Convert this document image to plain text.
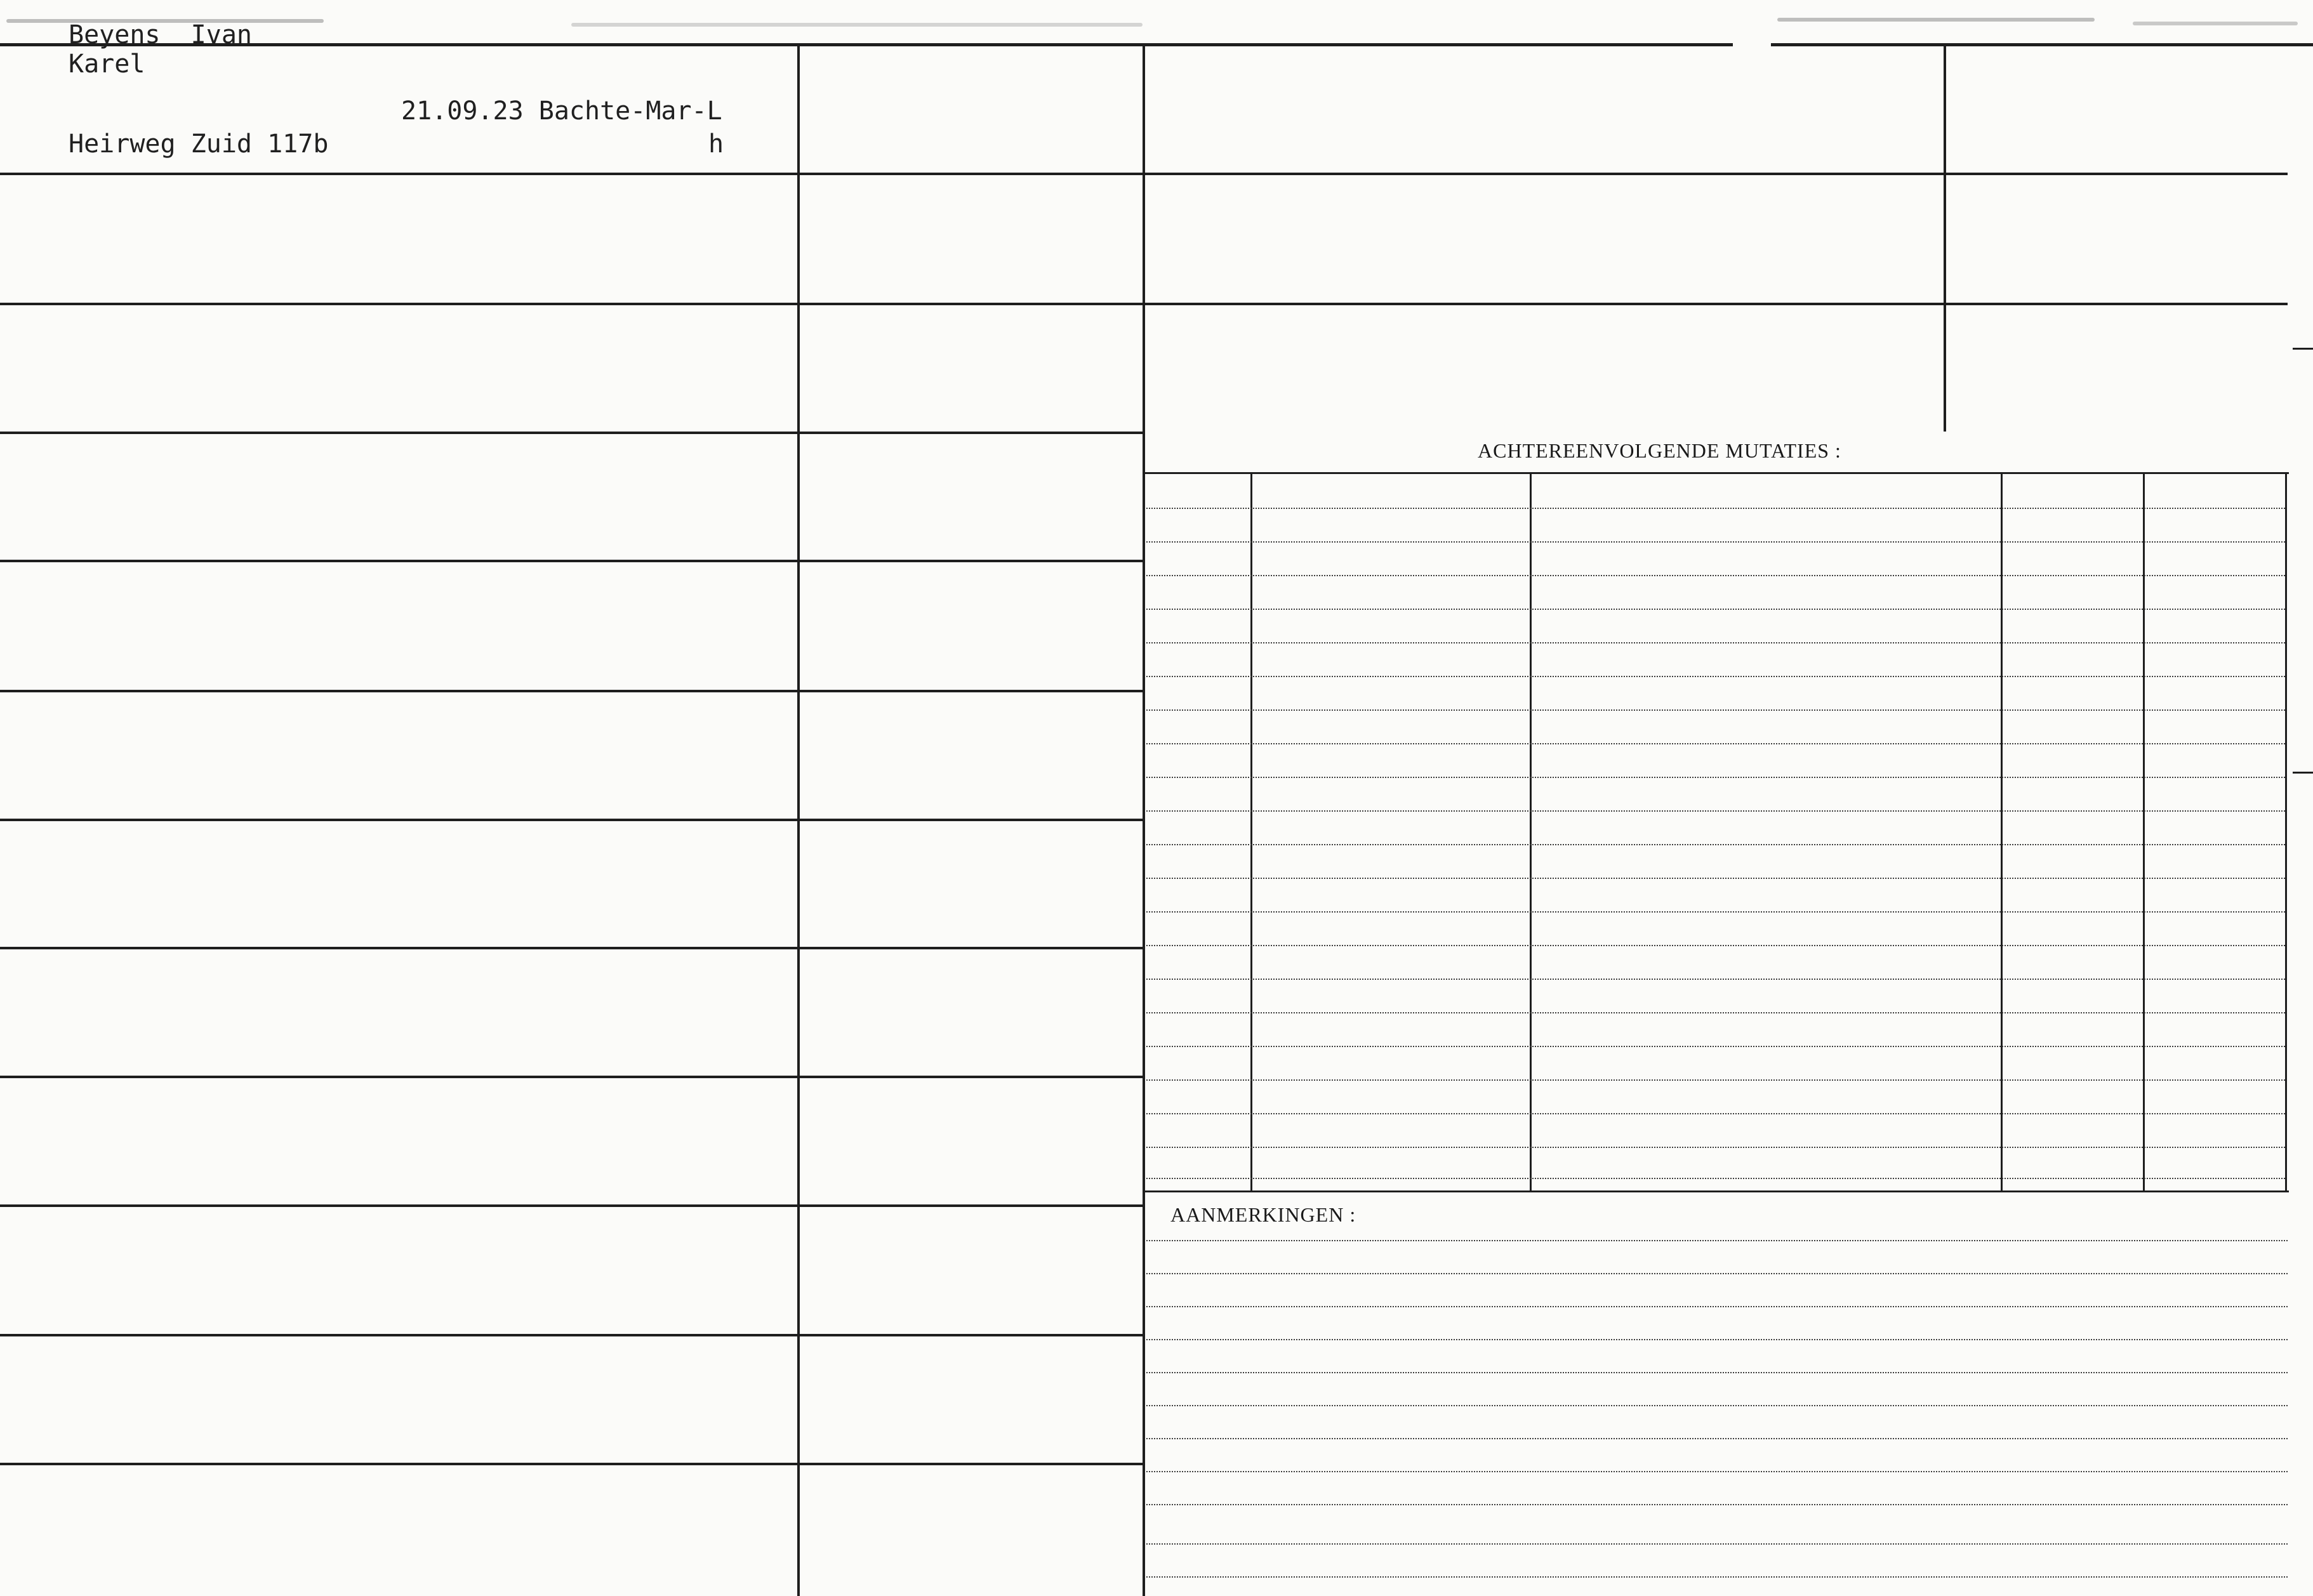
Beyens  Ivan
Karel
Heirweg Zuid 117b
21.09.23 Bachte-Mar-L
h
ACHTEREENVOLGENDE MUTATIES :
AANMERKINGEN :
